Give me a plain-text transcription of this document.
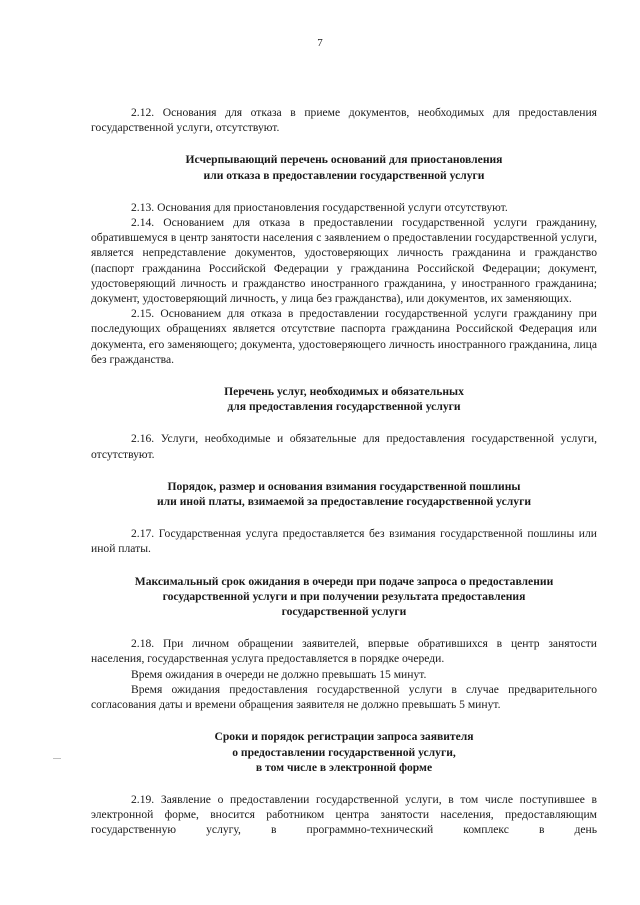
7

2.12. Основания для отказа в приеме документов, необходимых для предоставления государственной услуги, отсутствуют.

Исчерпывающий перечень оснований для приостановления
или отказа в предоставлении государственной услуги

2.13. Основания для приостановления государственной услуги отсутствуют.

2.14. Основанием для отказа в предоставлении государственной услуги гражданину, обратившемуся в центр занятости населения с заявлением о предоставлении государственной услуги, является непредставление документов, удостоверяющих личность гражданина и гражданство (паспорт гражданина Российской Федерации у гражданина Российской Федерации; документ, удостоверяющий личность и гражданство иностранного гражданина, у иностранного гражданина; документ, удостоверяющий личность, у лица без гражданства), или документов, их заменяющих.

2.15. Основанием для отказа в предоставлении государственной услуги гражданину при последующих обращениях является отсутствие паспорта гражданина Российской Федерация или документа, его заменяющего; документа, удостоверяющего личность иностранного гражданина, лица без гражданства.

Перечень услуг, необходимых и обязательных
для предоставления государственной услуги

2.16. Услуги, необходимые и обязательные для предоставления государственной услуги, отсутствуют.

Порядок, размер и основания взимания государственной пошлины
или иной платы, взимаемой за предоставление государственной услуги

2.17. Государственная услуга предоставляется без взимания государственной пошлины или иной платы.

Максимальный срок ожидания в очереди при подаче запроса о предоставлении
государственной услуги и при получении результата предоставления
государственной услуги

2.18. При личном обращении заявителей, впервые обратившихся в центр занятости населения, государственная услуга предоставляется в порядке очереди.

Время ожидания в очереди не должно превышать 15 минут.

Время ожидания предоставления государственной услуги в случае предварительного согласования даты и времени обращения заявителя не должно превышать 5 минут.

Сроки и порядок регистрации запроса заявителя
о предоставлении государственной услуги,
в том числе в электронной форме

2.19. Заявление о предоставлении государственной услуги, в том числе поступившее в электронной форме, вносится работником центра занятости населения, предоставляющим государственную услугу, в программно-технический комплекс в день
